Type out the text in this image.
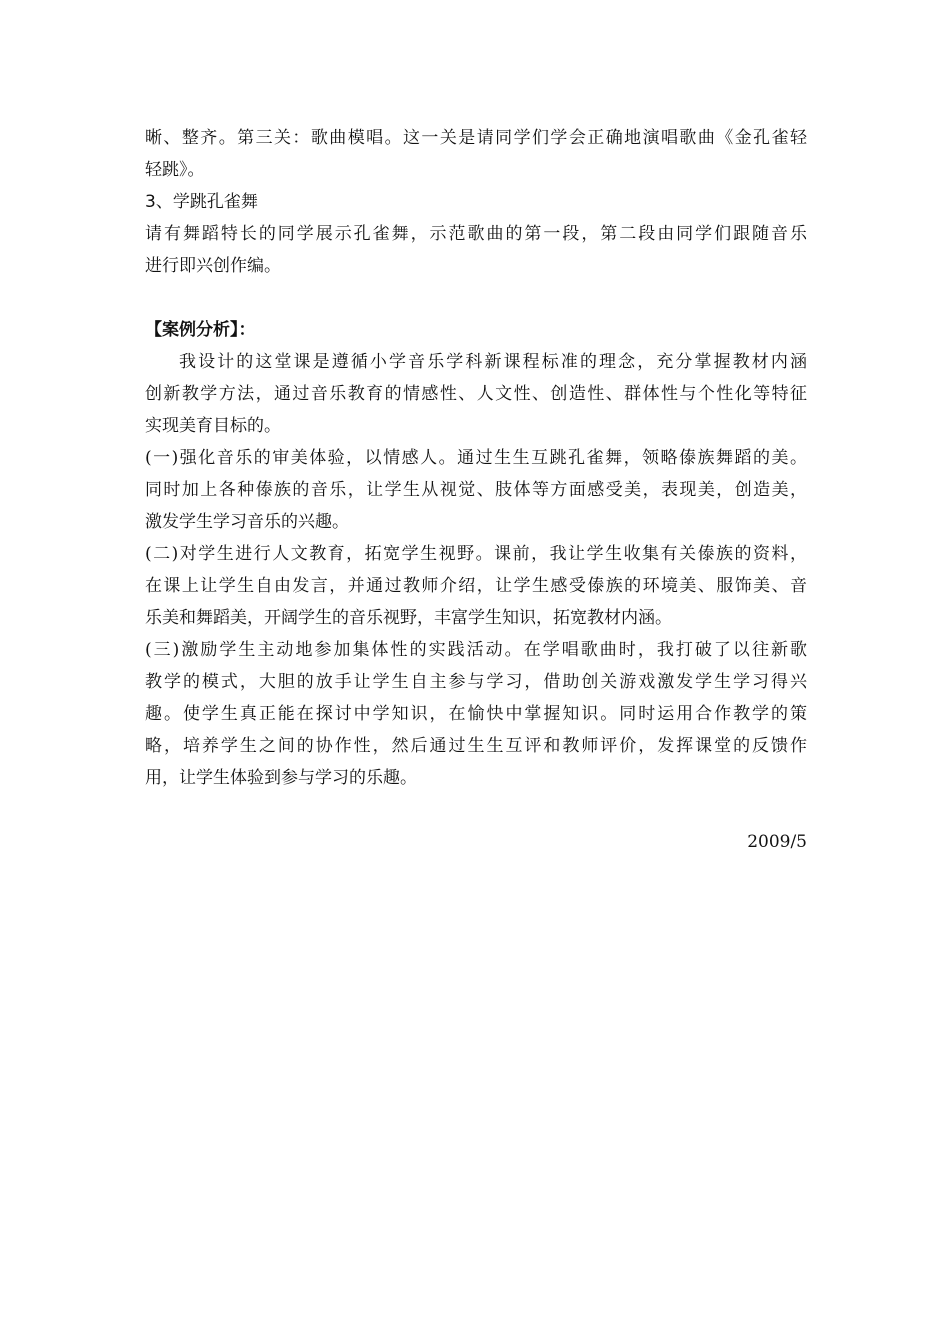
晰、整齐。第三关：歌曲模唱。这一关是请同学们学会正确地演唱歌曲《金孔雀轻
轻跳》。
3、学跳孔雀舞
请有舞蹈特长的同学展示孔雀舞，示范歌曲的第一段，第二段由同学们跟随音乐
进行即兴创作编。
【案例分析】：
我设计的这堂课是遵循小学音乐学科新课程标准的理念，充分掌握教材内涵
创新教学方法，通过音乐教育的情感性、人文性、创造性、群体性与个性化等特征
实现美育目标的。
(一)强化音乐的审美体验，以情感人。通过生生互跳孔雀舞，领略傣族舞蹈的美。
同时加上各种傣族的音乐，让学生从视觉、肢体等方面感受美，表现美，创造美，
激发学生学习音乐的兴趣。
(二)对学生进行人文教育，拓宽学生视野。课前，我让学生收集有关傣族的资料，
在课上让学生自由发言，并通过教师介绍，让学生感受傣族的环境美、服饰美、音
乐美和舞蹈美，开阔学生的音乐视野，丰富学生知识，拓宽教材内涵。
(三)激励学生主动地参加集体性的实践活动。在学唱歌曲时，我打破了以往新歌
教学的模式，大胆的放手让学生自主参与学习，借助创关游戏激发学生学习得兴
趣。使学生真正能在探讨中学知识，在愉快中掌握知识。同时运用合作教学的策
略，培养学生之间的协作性，然后通过生生互评和教师评价，发挥课堂的反馈作
用，让学生体验到参与学习的乐趣。
2009/5
